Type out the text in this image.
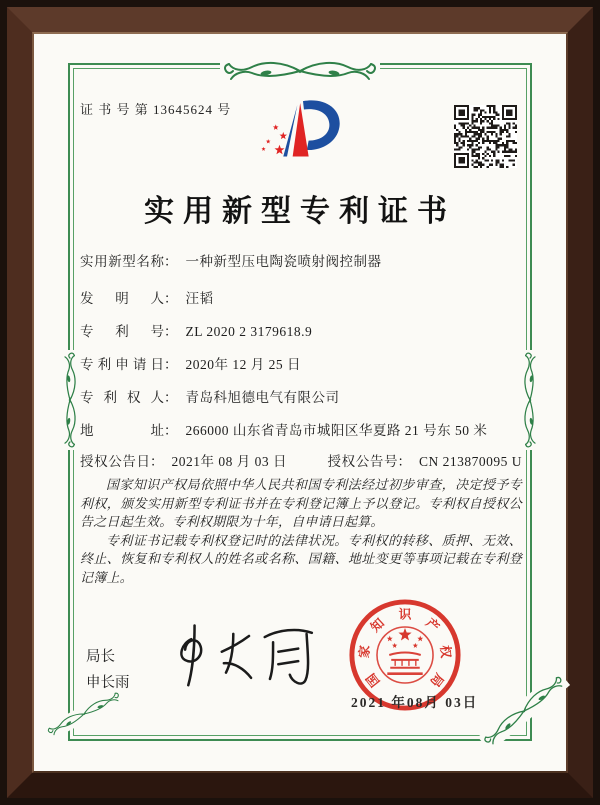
证 书 号 第 13645624 号
实用新型专利证书
实用新型名称 ： 一种新型压电陶瓷喷射阀控制器
发明人 ： 汪韬
专利号 ： ZL 2020 2 3179618.9
专利申请日 ： 2020年 12 月 25 日
专利权人 ： 青岛科旭德电气有限公司
地址 ： 266000 山东省青岛市城阳区华夏路 21 号东 50 米
授权公告日 ： 2021年 08 月 03 日	授权公告号 ： CN 213870095 U

国家知识产权局依照中华人民共和国专利法经过初步审查，决定授予专利权，颁发实用新型专利证书并在专利登记簿上予以登记。专利权自授权公告之日起生效。专利权期限为十年，自申请日起算。

专利证书记载专利权登记时的法律状况。专利权的转移、质押、无效、终止、恢复和专利权人的姓名或名称、国籍、地址变更等事项记载在专利登记簿上。

局长
申长雨	国
家
知
识
产
权
局
2021 年08月 03日
